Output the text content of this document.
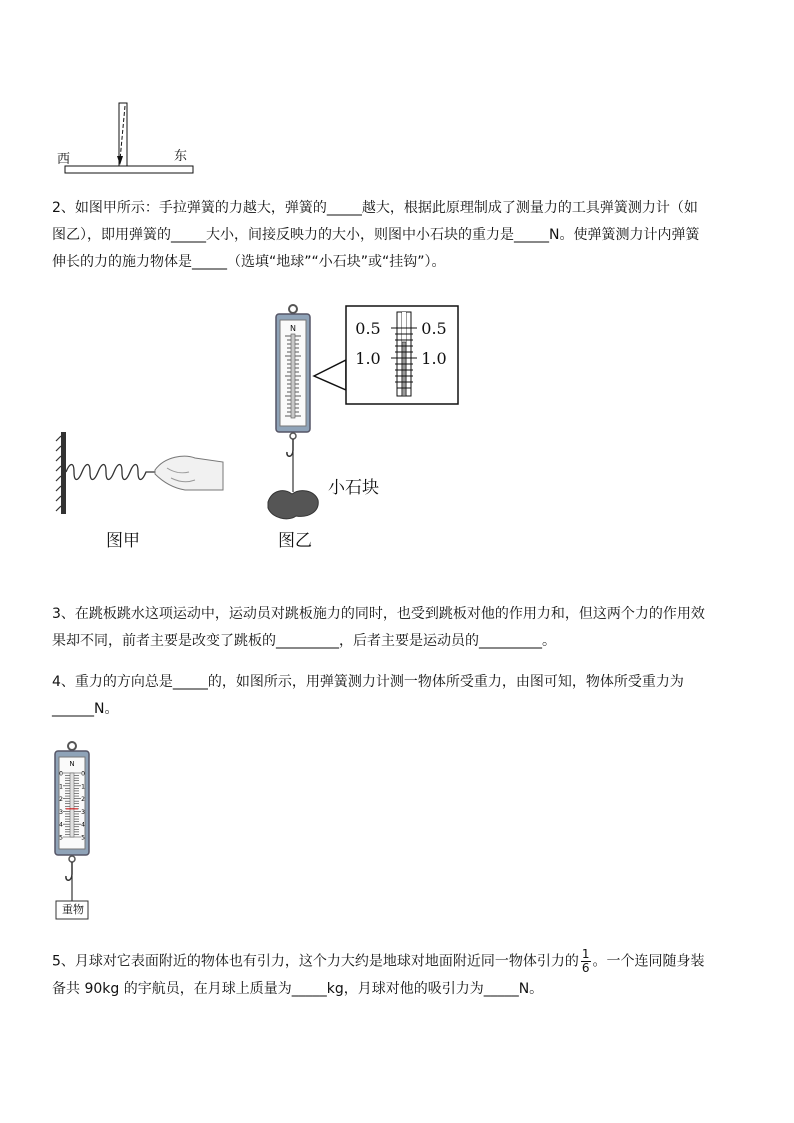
西	东
2、如图甲所示：手拉弹簧的力越大，弹簧的_____越大，根据此原理制成了测量力的工具弹簧测力计（如
图乙），即用弹簧的_____大小，间接反映力的大小，则图中小石块的重力是_____N。使弹簧测力计内弹簧
伸长的力的施力物体是_____（选填“地球”“小石块”或“挂钩”）。
图甲
N	0.5	0.5
1.0	1.0
小石块
图乙
3、在跳板跳水这项运动中，运动员对跳板施力的同时，也受到跳板对他的作用力和，但这两个力的作用效
果却不同，前者主要是改变了跳板的_________，后者主要是运动员的_________。
4、重力的方向总是_____的，如图所示，用弹簧测力计测一物体所受重力，由图可知，物体所受重力为
______N。
N
0	0
1	1
2	2
3	3
4	4
5	5
重物
5、月球对它表面附近的物体也有引力，这个力大约是地球对地面附近同一物体引力的 $\frac{1}{6}$ 。一个连同随身装
备共 90kg 的宇航员，在月球上质量为_____kg，月球对他的吸引力为_____N。
